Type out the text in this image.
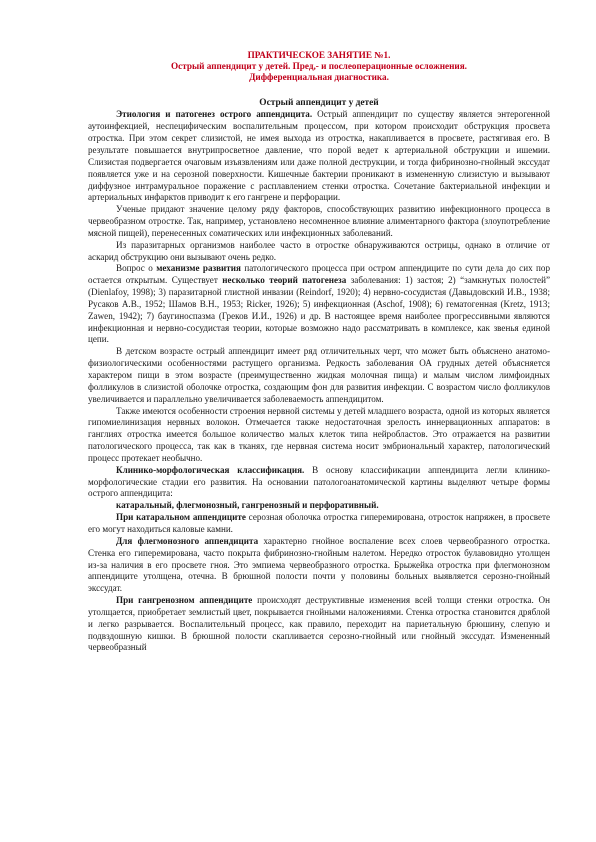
ПРАКТИЧЕСКОЕ ЗАНЯТИЕ №1.
Острый аппендицит у детей. Пред,- и послеоперационные осложнения.
Дифференциальная диагностика.
Острый аппендицит у детей

Этиология и патогенез острого аппендицита. Острый аппендицит по существу является энтерогенной аутоинфекцией, неспецифическим воспалительным процессом, при котором происходит обструкция просвета отростка. При этом секрет слизистой, не имея выхода из отростка, накапливается в просвете, растягивая его. В результате повышается внутрипросветное давление, что порой ведет к артериальной обструкции и ишемии. Слизистая подвергается очаговым изъязвлениям или даже полной деструкции, и тогда фибринозно-гнойный экссудат появляется уже и на серозной поверхности. Кишечные бактерии проникают в измененную слизистую и вызывают диффузное интрамуральное поражение с расплавлением стенки отростка. Сочетание бактериальной инфекции и артериальных инфарктов приводит к его гангрене и перфорации.

Ученые придают значение целому ряду факторов, способствующих развитию инфекционного процесса в червеобразном отростке. Так, например, установлено несомненное влияние алиментарного фактора (злоупотребление мясной пищей), перенесенных соматических или инфекционных заболеваний.

Из паразитарных организмов наиболее часто в отростке обнаруживаются острицы, однако в отличие от аскарид обструкцию они вызывают очень редко.

Вопрос о механизме развития патологического процесса при остром аппендиците по сути дела до сих пор остается открытым. Существует несколько теорий патогенеза заболевания: 1) застоя; 2) “замкнутых полостей” (Dienlafoy, 1998); 3) паразитарной глистной инвазии (Reindorf, 1920); 4) нервно-сосудистая (Давыдовский И.В., 1938; Русаков А.В., 1952; Шамов В.Н., 1953; Ricker, 1926); 5) инфекционная (Aschof, 1908); 6) гематогенная (Kretz, 1913; Zawen, 1942); 7) баугиноспазма (Греков И.И., 1926) и др. В настоящее время наиболее прогрессивными являются инфекционная и нервно-сосудистая теории, которые возможно надо рассматривать в комплексе, как звенья единой цепи.

В детском возрасте острый аппендицит имеет ряд отличительных черт, что может быть объяснено анатомо-физиологическими особенностями растущего организма. Редкость заболевания ОА грудных детей объясняется характером пищи в этом возрасте (преимущественно жидкая молочная пища) и малым числом лимфоидных фолликулов в слизистой оболочке отростка, создающим фон для развития инфекции. С возрастом число фолликулов увеличивается и параллельно увеличивается заболеваемость аппендицитом.

Также имеются особенности строения нервной системы у детей младшего возраста, одной из которых является гипомиелинизация нервных волокон. Отмечается также недостаточная зрелость иннервационных аппаратов: в ганглиях отростка имеется большое количество малых клеток типа нейробластов. Это отражается на развитии патологического процесса, так как в тканях, где нервная система носит эмбриональный характер, патологический процесс протекает необычно.

Клинико-морфологическая классификация. В основу классификации аппендицита легли клинико-морфологические стадии его развития. На основании патологоанатомической картины выделяют четыре формы острого аппендицита:

катаральный, флегмонозный, гангренозный и перфоративный.

При катаральном аппендиците серозная оболочка отростка гиперемирована, отросток напряжен, в просвете его могут находиться каловые камни.

Для флегмонозного аппендицита характерно гнойное воспаление всех слоев червеобразного отростка. Стенка его гиперемирована, часто покрыта фибринозно-гнойным налетом. Нередко отросток булавовидно утолщен из-за наличия в его просвете гноя. Это эмпиема червеобразного отростка. Брыжейка отростка при флегмонозном аппендиците утолщена, отечна. В брюшной полости почти у половины больных выявляется серозно-гнойный экссудат.

При гангренозном аппендиците происходят деструктивные изменения всей толщи стенки отростка. Он утолщается, приобретает землистый цвет, покрывается гнойными наложениями. Стенка отростка становится дряблой и легко разрывается. Воспалительный процесс, как правило, переходит на париетальную брюшину, слепую и подвздошную кишки. В брюшной полости скапливается серозно-гнойный или гнойный экссудат. Измененный червеобразный
